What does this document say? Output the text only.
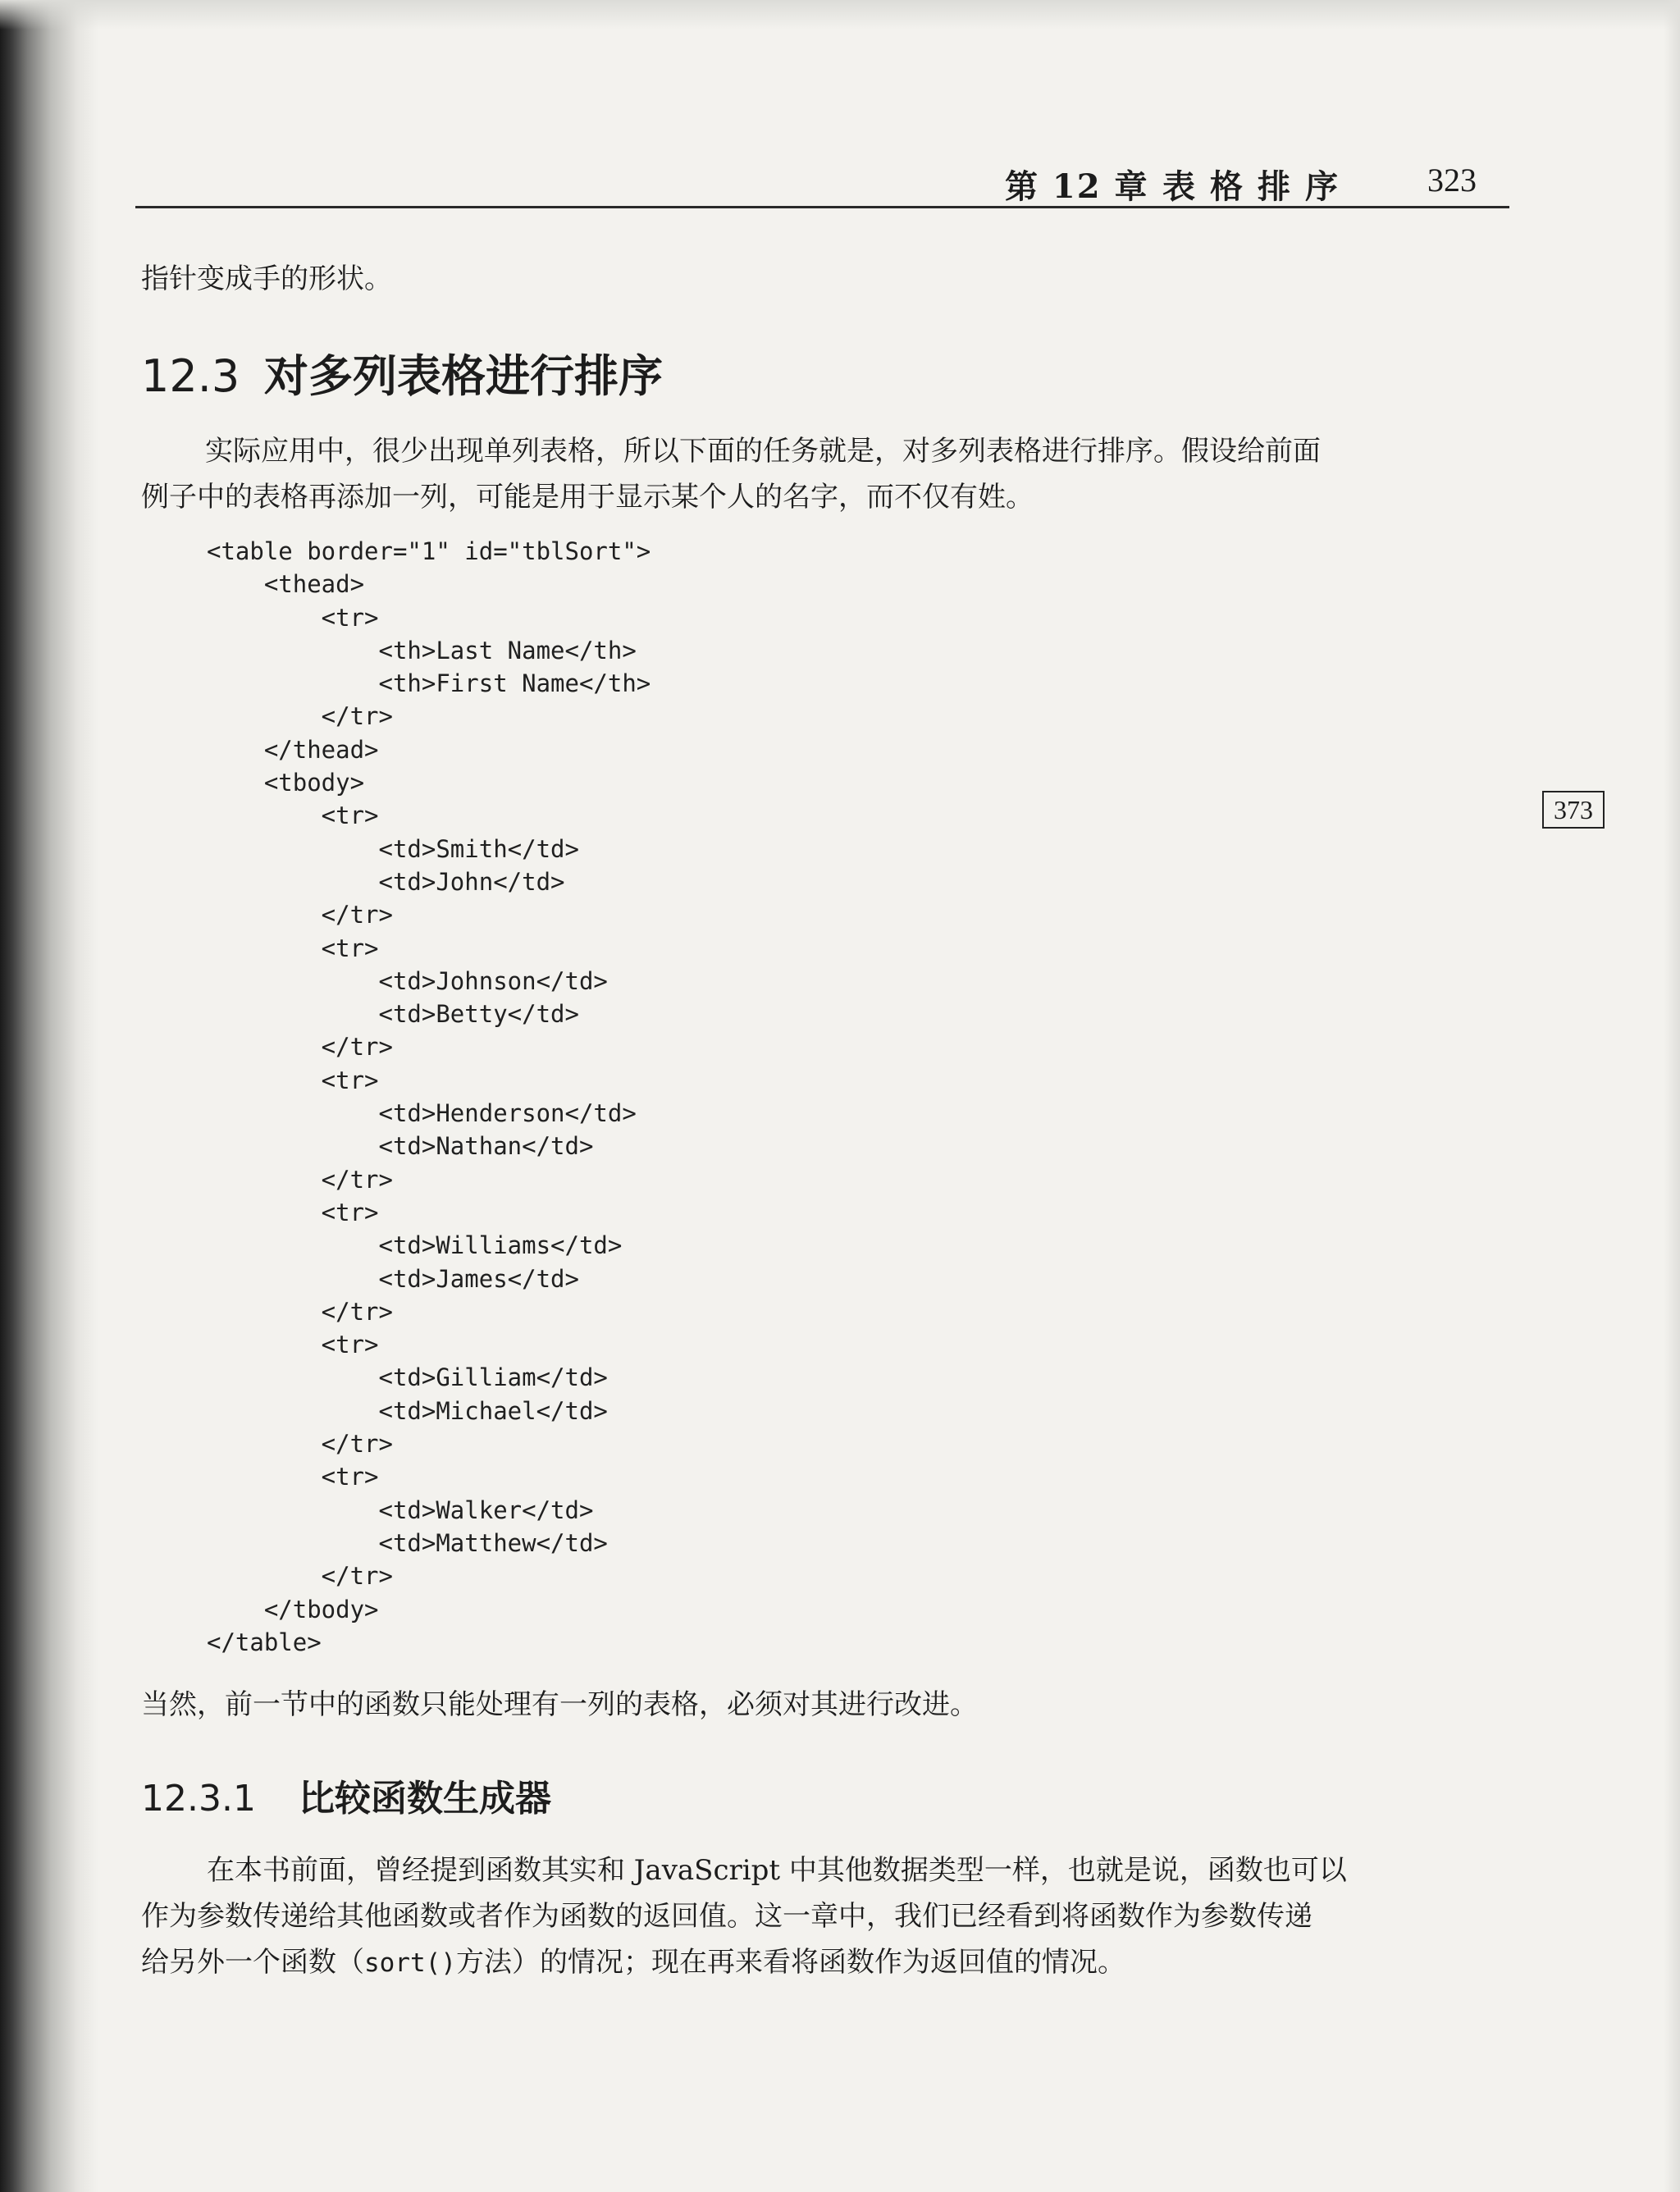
第 12 章 表格排序 323
指针变成手的形状。
12.3 对多列表格进行排序
实际应用中，很少出现单列表格，所以下面的任务就是，对多列表格进行排序。假设给前面
例子中的表格再添加一列，可能是用于显示某个人的名字，而不仅有姓。
<table border="1" id="tblSort">
<thead>
<tr>
<th>Last Name</th>
<th>First Name</th>
</tr>
</thead>
<tbody>
<tr>
<td>Smith</td>
<td>John</td>
</tr>
<tr>
<td>Johnson</td>
<td>Betty</td>
</tr>
<tr>
<td>Henderson</td>
<td>Nathan</td>
</tr>
<tr>
<td>Williams</td>
<td>James</td>
</tr>
<tr>
<td>Gilliam</td>
<td>Michael</td>
</tr>
<tr>
<td>Walker</td>
<td>Matthew</td>
</tr>
</tbody>
</table>
373
当然，前一节中的函数只能处理有一列的表格，必须对其进行改进。
12.3.1 比较函数生成器
在本书前面，曾经提到函数其实和 JavaScript 中其他数据类型一样，也就是说，函数也可以
作为参数传递给其他函数或者作为函数的返回值。这一章中，我们已经看到将函数作为参数传递
给另外一个函数（sort()方法）的情况；现在再来看将函数作为返回值的情况。
